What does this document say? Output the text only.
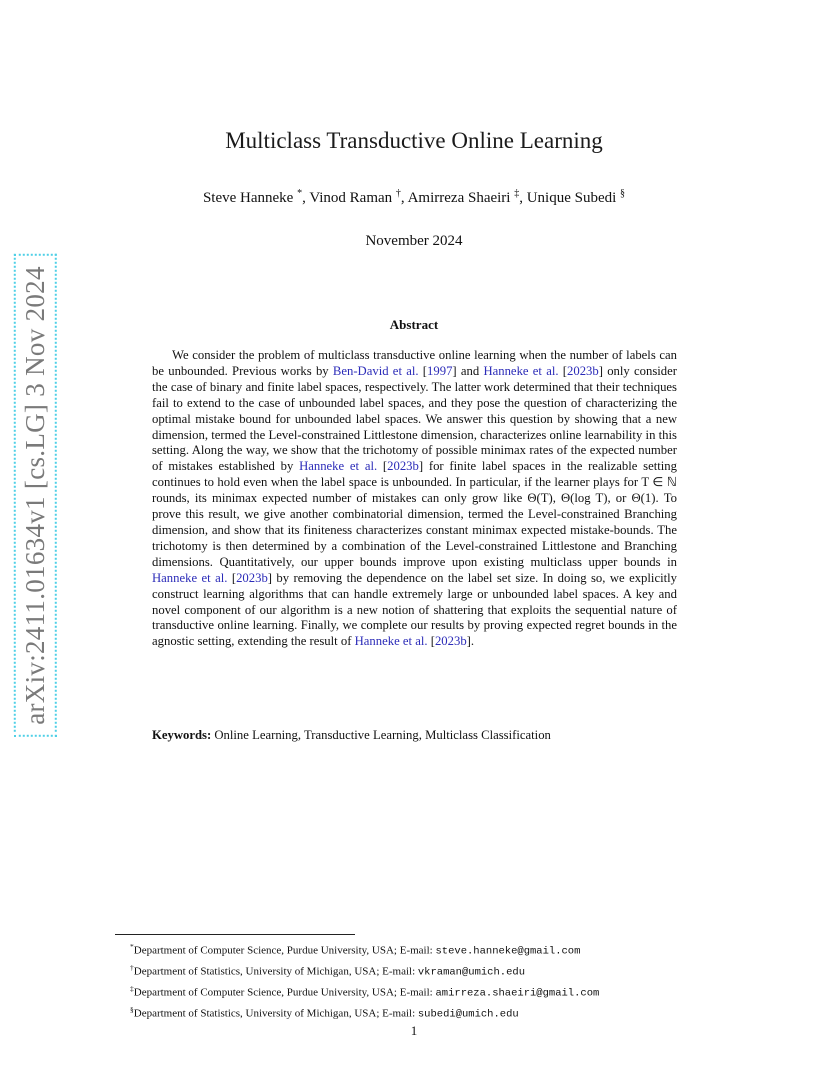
arXiv:2411.01634v1 [cs.LG] 3 Nov 2024
Multiclass Transductive Online Learning
Steve Hanneke *, Vinod Raman †, Amirreza Shaeiri ‡, Unique Subedi §
November 2024
Abstract

We consider the problem of multiclass transductive online learning when the number of labels can be unbounded. Previous works by Ben-David et al. [1997] and Hanneke et al. [2023b] only consider the case of binary and finite label spaces, respectively. The latter work determined that their techniques fail to extend to the case of unbounded label spaces, and they pose the question of characterizing the optimal mistake bound for unbounded label spaces. We answer this question by showing that a new dimension, termed the Level-constrained Littlestone dimension, characterizes online learnability in this setting. Along the way, we show that the trichotomy of possible minimax rates of the expected number of mistakes established by Hanneke et al. [2023b] for finite label spaces in the realizable setting continues to hold even when the label space is unbounded. In particular, if the learner plays for T ∈ ℕ rounds, its minimax expected number of mistakes can only grow like Θ(T), Θ(log T), or Θ(1). To prove this result, we give another combinatorial dimension, termed the Level-constrained Branching dimension, and show that its finiteness characterizes constant minimax expected mistake-bounds. The trichotomy is then determined by a combination of the Level-constrained Littlestone and Branching dimensions. Quantitatively, our upper bounds improve upon existing multiclass upper bounds in Hanneke et al. [2023b] by removing the dependence on the label set size. In doing so, we explicitly construct learning algorithms that can handle extremely large or unbounded label spaces. A key and novel component of our algorithm is a new notion of shattering that exploits the sequential nature of transductive online learning. Finally, we complete our results by proving expected regret bounds in the agnostic setting, extending the result of Hanneke et al. [2023b].

Keywords: Online Learning, Transductive Learning, Multiclass Classification
*Department of Computer Science, Purdue University, USA; E-mail: steve.hanneke@gmail.com
†Department of Statistics, University of Michigan, USA; E-mail: vkraman@umich.edu
‡Department of Computer Science, Purdue University, USA; E-mail: amirreza.shaeiri@gmail.com
§Department of Statistics, University of Michigan, USA; E-mail: subedi@umich.edu
1
